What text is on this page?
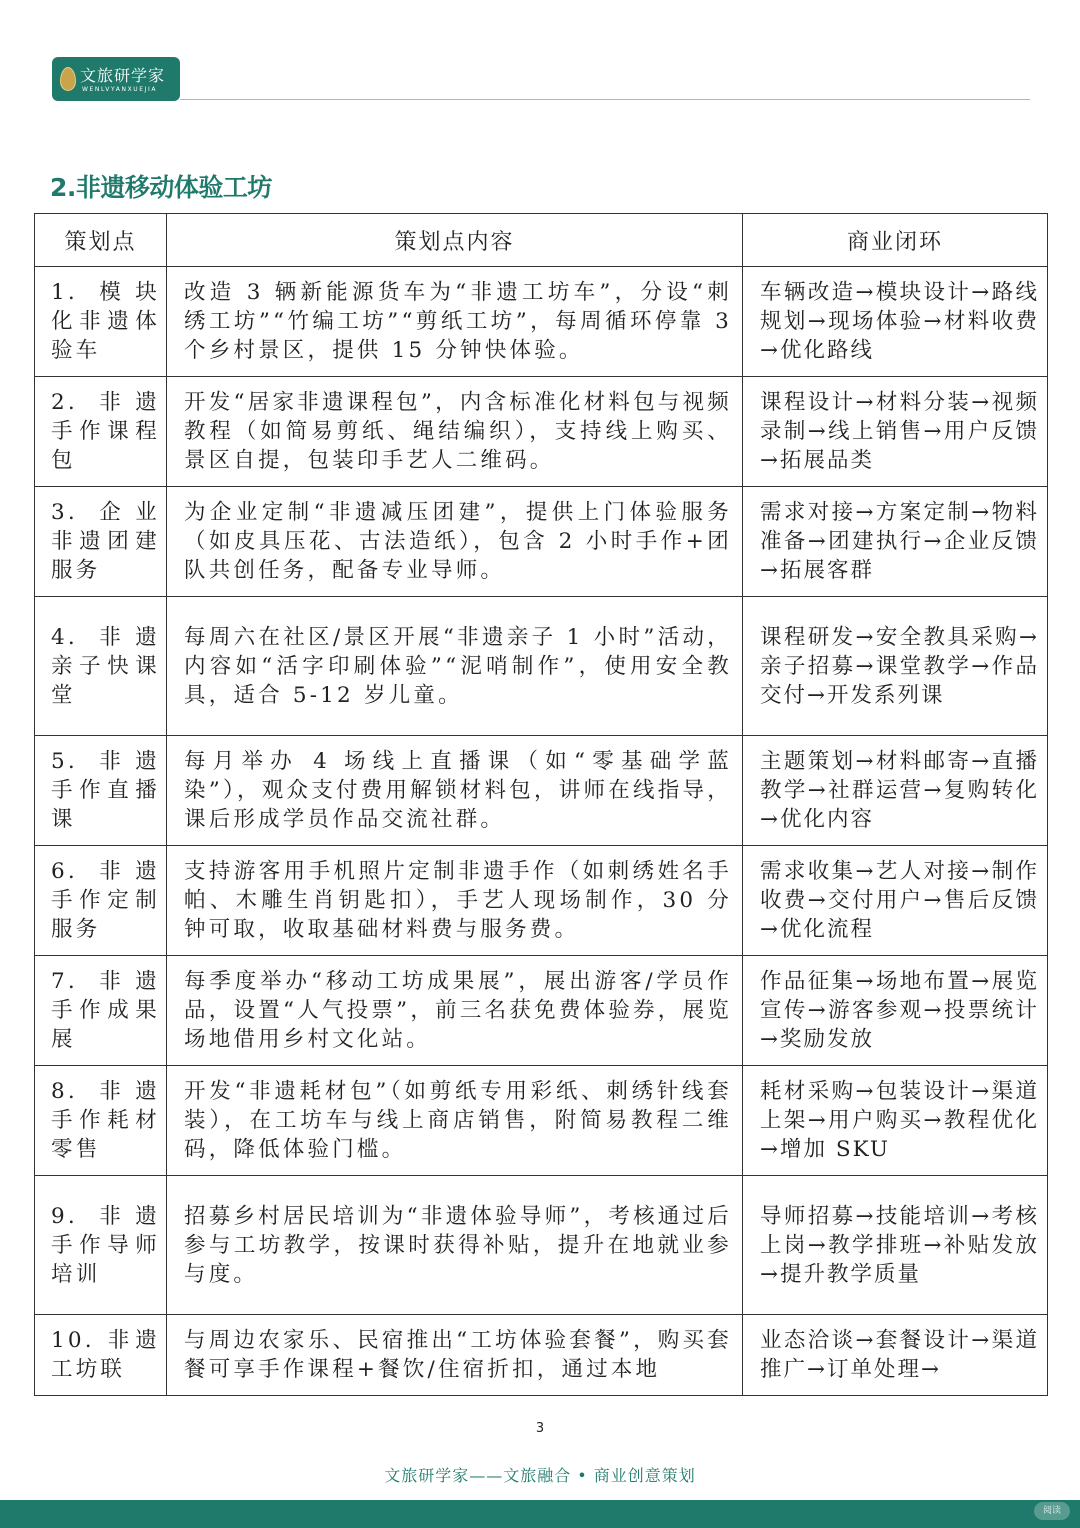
文旅研学家
WENLVYANXUEJIA
2.非遗移动体验工坊
策划点	策划点内容	商业闭环
1. 模块化非遗体验车	改造 3 辆新能源货车为“非遗工坊车”，分设“刺绣工坊”“竹编工坊”“剪纸工坊”，每周循环停靠 3 个乡村景区，提供 15 分钟快体验。	车辆改造→模块设计→路线规划→现场体验→材料收费→优化路线
2. 非遗手作课程包	开发“居家非遗课程包”，内含标准化材料包与视频教程（如简易剪纸、绳结编织），支持线上购买、景区自提，包装印手艺人二维码。	课程设计→材料分装→视频录制→线上销售→用户反馈→拓展品类
3. 企业非遗团建服务	为企业定制“非遗减压团建”，提供上门体验服务（如皮具压花、古法造纸），包含 2 小时手作+团队共创任务，配备专业导师。	需求对接→方案定制→物料准备→团建执行→企业反馈→拓展客群
4. 非遗亲子快课堂	每周六在社区/景区开展“非遗亲子 1 小时”活动，内容如“活字印刷体验”“泥哨制作”，使用安全教具，适合 5-12 岁儿童。	课程研发→安全教具采购→亲子招募→课堂教学→作品交付→开发系列课
5. 非遗手作直播课	每月举办 4 场线上直播课（如“零基础学蓝染”），观众支付费用解锁材料包，讲师在线指导，课后形成学员作品交流社群。	主题策划→材料邮寄→直播教学→社群运营→复购转化→优化内容
6. 非遗手作定制服务	支持游客用手机照片定制非遗手作（如刺绣姓名手帕、木雕生肖钥匙扣），手艺人现场制作，30 分钟可取，收取基础材料费与服务费。	需求收集→艺人对接→制作收费→交付用户→售后反馈→优化流程
7. 非遗手作成果展	每季度举办“移动工坊成果展”，展出游客/学员作品，设置“人气投票”，前三名获免费体验券，展览场地借用乡村文化站。	作品征集→场地布置→展览宣传→游客参观→投票统计→奖励发放
8. 非遗手作耗材零售	开发“非遗耗材包”（如剪纸专用彩纸、刺绣针线套装），在工坊车与线上商店销售，附简易教程二维码，降低体验门槛。	耗材采购→包装设计→渠道上架→用户购买→教程优化→增加 SKU
9. 非遗手作导师培训	招募乡村居民培训为“非遗体验导师”，考核通过后参与工坊教学，按课时获得补贴，提升在地就业参与度。	导师招募→技能培训→考核上岗→教学排班→补贴发放→提升教学质量
10. 非遗工坊联	与周边农家乐、民宿推出“工坊体验套餐”，购买套餐可享手作课程+餐饮/住宿折扣，通过本地	业态洽谈→套餐设计→渠道推广→订单处理→
3
文旅研学家——文旅融合 • 商业创意策划
阅读
